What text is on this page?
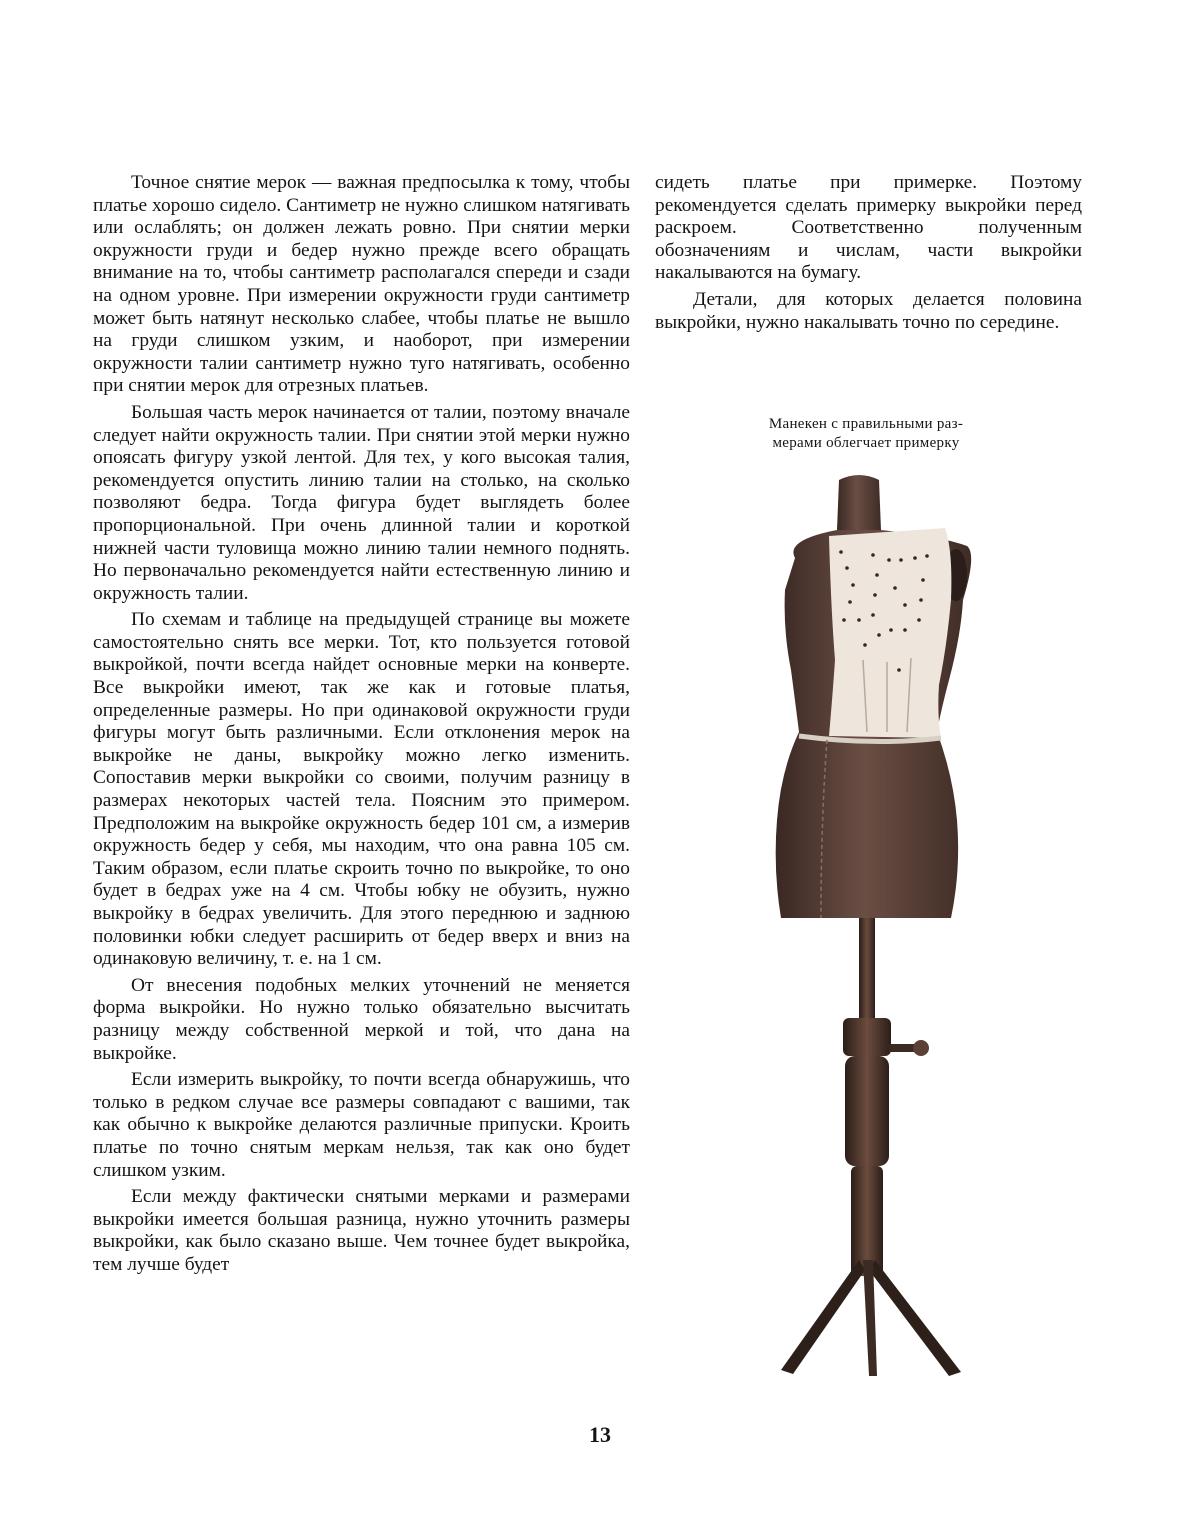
Точное снятие мерок — важная предпосылка к тому, чтобы платье хорошо сидело. Сантиметр не нужно слишком натягивать или ослаблять; он должен лежать ровно. При снятии мерки окружности груди и бедер нужно прежде всего обращать внимание на то, чтобы сантиметр располагался спереди и сзади на одном уровне. При измерении окружности груди сантиметр может быть натянут несколько слабее, чтобы платье не вышло на груди слишком узким, и наоборот, при измерении окружности талии сантиметр нужно туго натягивать, особенно при снятии мерок для отрезных платьев.

Большая часть мерок начинается от талии, поэтому вначале следует найти окружность талии. При снятии этой мерки нужно опоясать фигуру узкой лентой. Для тех, у кого высокая талия, рекомендуется опустить линию талии на столько, на сколько позволяют бедра. Тогда фигура будет выглядеть более пропорциональной. При очень длинной талии и короткой нижней части туловища можно линию талии немного поднять. Но первоначально рекомендуется найти естественную линию и окружность талии.

По схемам и таблице на предыдущей странице вы можете самостоятельно снять все мерки. Тот, кто пользуется готовой выкройкой, почти всегда найдет основные мерки на конверте. Все выкройки имеют, так же как и готовые платья, определенные размеры. Но при одинаковой окружности груди фигуры могут быть различными. Если отклонения мерок на выкройке не даны, выкройку можно легко изменить. Сопоставив мерки выкройки со своими, получим разницу в размерах некоторых частей тела. Поясним это примером. Предположим на выкройке окружность бедер 101 см, а измерив окружность бедер у себя, мы находим, что она равна 105 см. Таким образом, если платье скроить точно по выкройке, то оно будет в бедрах уже на 4 см. Чтобы юбку не обузить, нужно выкройку в бедрах увеличить. Для этого переднюю и заднюю половинки юбки следует расширить от бедер вверх и вниз на одинаковую величину, т. е. на 1 см.

От внесения подобных мелких уточнений не меняется форма выкройки. Но нужно только обязательно высчитать разницу между собственной меркой и той, что дана на выкройке.

Если измерить выкройку, то почти всегда обнаружишь, что только в редком случае все размеры совпадают с вашими, так как обычно к выкройке делаются различные припуски. Кроить платье по точно снятым меркам нельзя, так как оно будет слишком узким.

Если между фактически снятыми мерками и размерами выкройки имеется большая разница, нужно уточнить размеры выкройки, как было сказано выше. Чем точнее будет выкройка, тем лучше будет

сидеть платье при примерке. Поэтому рекомендуется сделать примерку выкройки перед раскроем. Соответственно полученным обозначениям и числам, части выкройки накалываются на бумагу.

Детали, для которых делается половина выкройки, нужно накалывать точно по середине.

Манекен с правильными раз-
мерами облегчает примерку
13
